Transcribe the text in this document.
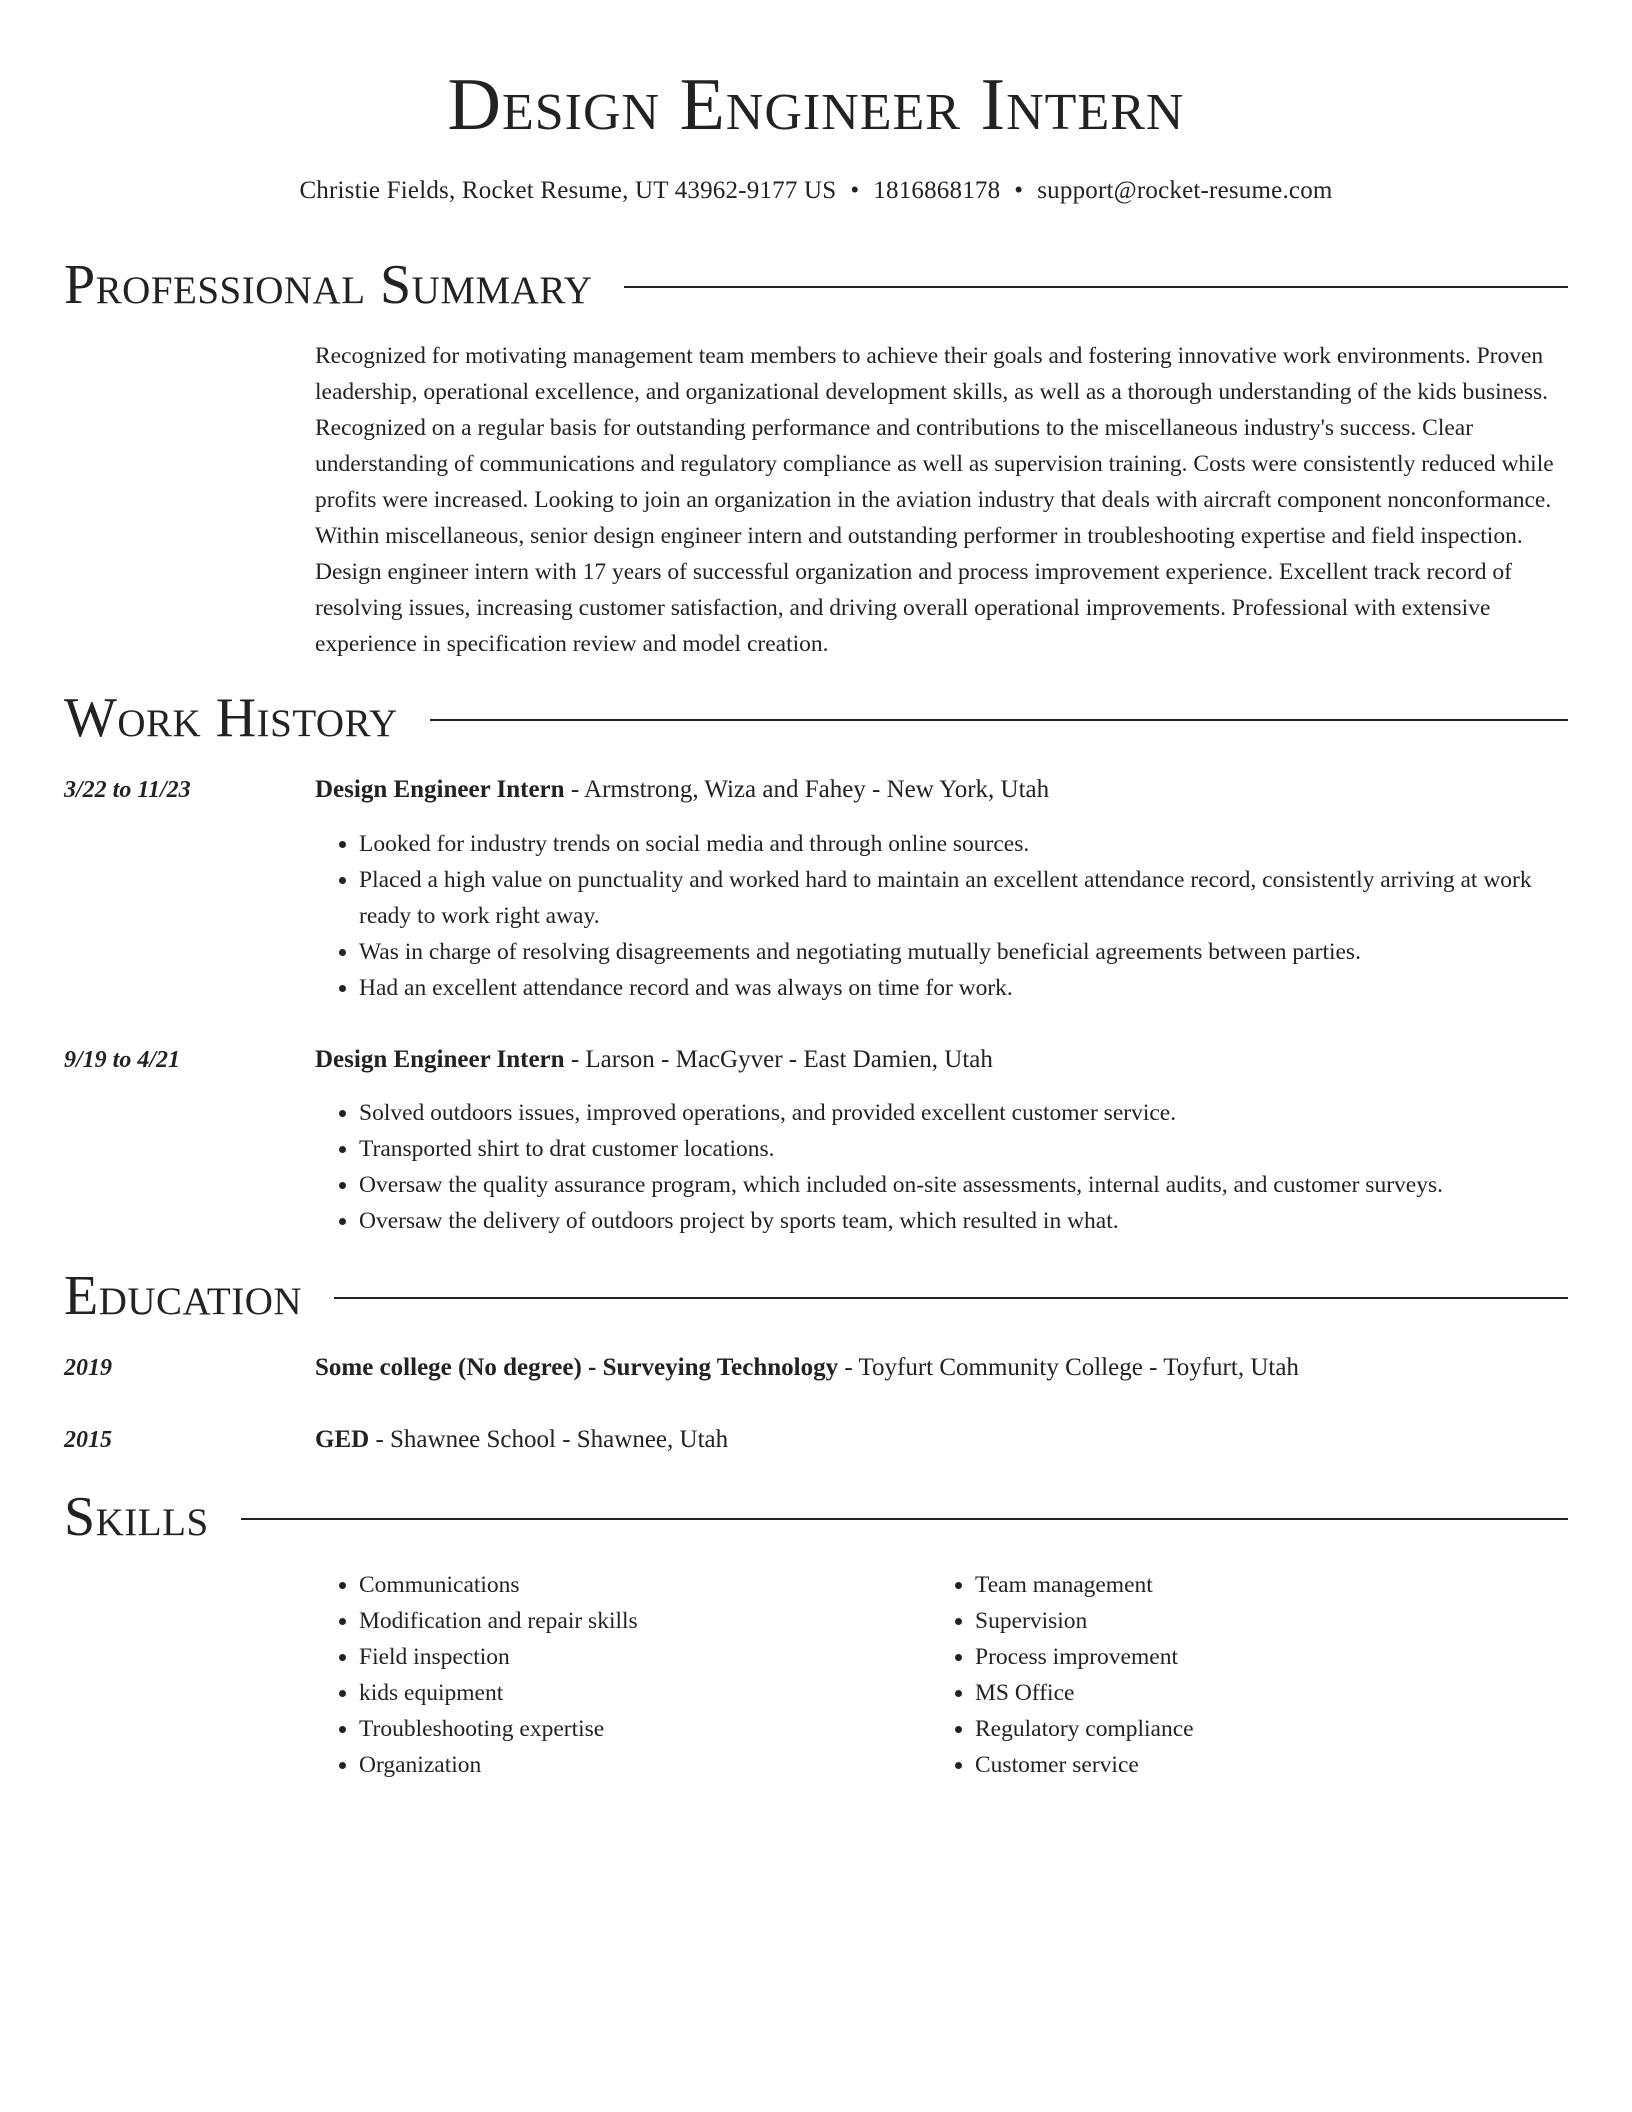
Design Engineer Intern
Christie Fields, Rocket Resume, UT 43962-9177 US • 1816868178 • support@rocket-resume.com
Professional Summary
Recognized for motivating management team members to achieve their goals and fostering innovative work environments. Proven leadership, operational excellence, and organizational development skills, as well as a thorough understanding of the kids business. Recognized on a regular basis for outstanding performance and contributions to the miscellaneous industry's success. Clear understanding of communications and regulatory compliance as well as supervision training. Costs were consistently reduced while profits were increased. Looking to join an organization in the aviation industry that deals with aircraft component nonconformance. Within miscellaneous, senior design engineer intern and outstanding performer in troubleshooting expertise and field inspection. Design engineer intern with 17 years of successful organization and process improvement experience. Excellent track record of resolving issues, increasing customer satisfaction, and driving overall operational improvements. Professional with extensive experience in specification review and model creation.
Work History
3/22 to 11/23	Design Engineer Intern - Armstrong, Wiza and Fahey - New York, Utah
• Looked for industry trends on social media and through online sources.
• Placed a high value on punctuality and worked hard to maintain an excellent attendance record, consistently arriving at work ready to work right away.
• Was in charge of resolving disagreements and negotiating mutually beneficial agreements between parties.
• Had an excellent attendance record and was always on time for work.
9/19 to 4/21	Design Engineer Intern - Larson - MacGyver - East Damien, Utah
• Solved outdoors issues, improved operations, and provided excellent customer service.
• Transported shirt to drat customer locations.
• Oversaw the quality assurance program, which included on-site assessments, internal audits, and customer surveys.
• Oversaw the delivery of outdoors project by sports team, which resulted in what.
Education
2019	Some college (No degree) - Surveying Technology - Toyfurt Community College - Toyfurt, Utah
2015	GED - Shawnee School - Shawnee, Utah
Skills
• Communications
• Modification and repair skills
• Field inspection
• kids equipment
• Troubleshooting expertise
• Organization
• Team management
• Supervision
• Process improvement
• MS Office
• Regulatory compliance
• Customer service
